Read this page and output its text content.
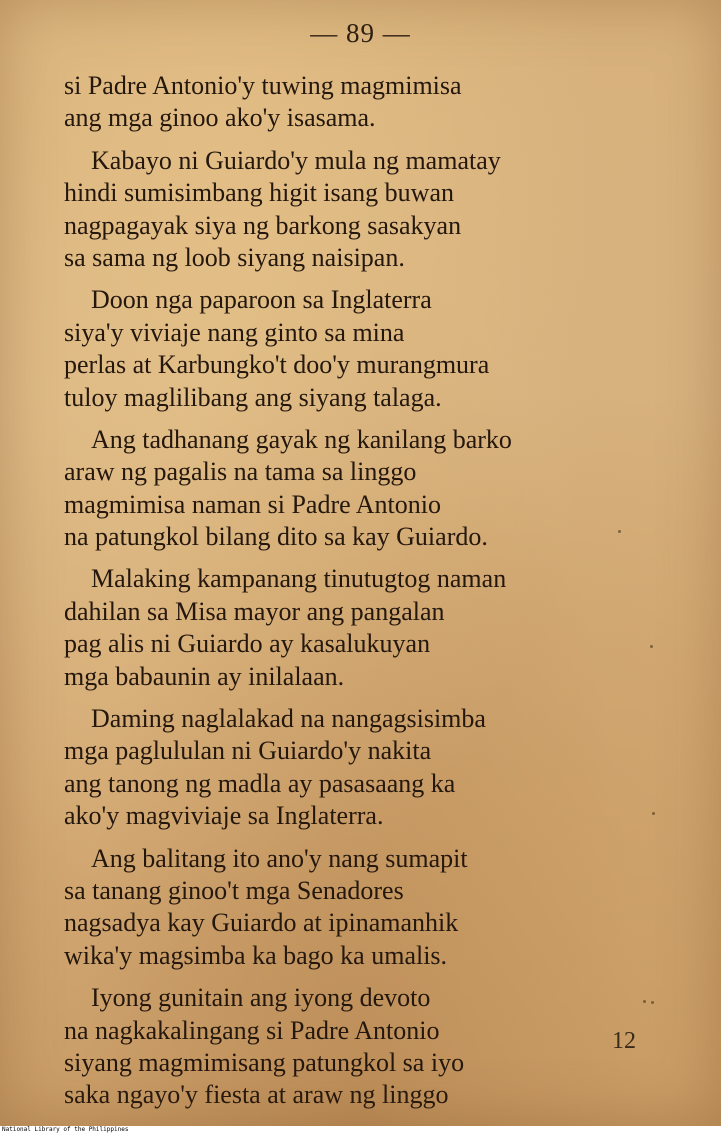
— 89 —
si Padre Antonio'y tuwing magmimisa
ang mga ginoo ako'y isasama.
Kabayo ni Guiardo'y mula ng mamatay
hindi sumisimbang higit isang buwan
nagpagayak siya ng barkong sasakyan
sa sama ng loob siyang naisipan.
Doon nga paparoon sa Inglaterra
siya'y viviaje nang ginto sa mina
perlas at Karbungko't doo'y murangmura
tuloy maglilibang ang siyang talaga.
Ang tadhanang gayak ng kanilang barko
araw ng pagalis na tama sa linggo
magmimisa naman si Padre Antonio
na patungkol bilang dito sa kay Guiardo.
Malaking kampanang tinutugtog naman
dahilan sa Misa mayor ang pangalan
pag alis ni Guiardo ay kasalukuyan
mga babaunin ay inilalaan.
Daming naglalakad na nangagsisimba
mga paglululan ni Guiardo'y nakita
ang tanong ng madla ay pasasaang ka
ako'y magviviaje sa Inglaterra.
Ang balitang ito ano'y nang sumapit
sa tanang ginoo't mga Senadores
nagsadya kay Guiardo at ipinamanhik
wika'y magsimba ka bago ka umalis.
Iyong gunitain ang iyong devoto
na nagkakalingang si Padre Antonio
siyang magmimisang patungkol sa iyo
saka ngayo'y fiesta at araw ng linggo
12
National Library of the Philippines
